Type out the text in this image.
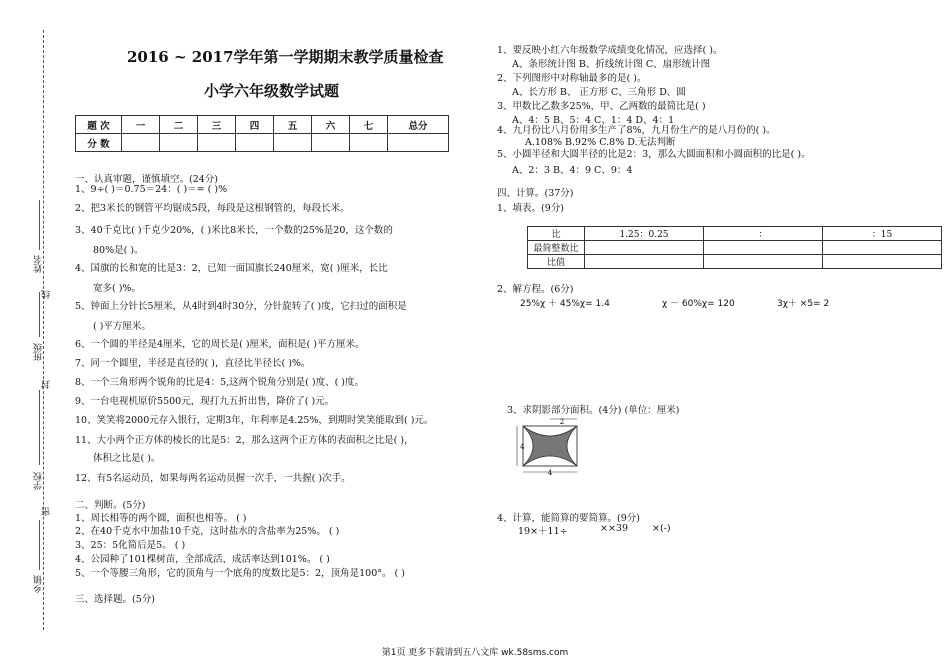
姓名
线
班级
封
学校
密
乡镇
2016 ~ 2017学年第一学期期末教学质量检查
小学六年级数学试题
题 次	一	二	三	四	五	六	七	总分
分 数								
一、认真审题，谨慎填空。(24分)
1、9÷( )＝0.75＝24：( )＝= ( )%
2、把3米长的钢管平均锯成5段，每段是这根钢管的，每段长米。
3、40千克比( )千克少20%，( )米比8米长，一个数的25%是20，这个数的
80%是( )。
4、国旗的长和宽的比是3：2，已知一面国旗长240厘米，宽( )厘米，长比
宽多( )%。
5、钟面上分针长5厘米，从4时到4时30分，分针旋转了( )度，它扫过的面积是
( )平方厘米。
6、一个圆的半径是4厘米，它的周长是( )厘米，面积是( )平方厘米。
7、同一个圆里，半径是直径的( )，直径比半径长( )%。
8、一个三角形两个锐角的比是4：5,这两个锐角分别是( )度、( )度。
9、一台电视机原价5500元，现打九五折出售，降价了( )元。
10、笑笑将2000元存入银行，定期3年，年利率是4.25%，到期时笑笑能取到( )元。
11、大小两个正方体的棱长的比是5：2，那么这两个正方体的表面积之比是( )，
体积之比是( )。
12、有5名运动员，如果每两名运动员握一次手，一共握( )次手。
二、判断。(5分)
1、周长相等的两个圆，面积也相等。 ( )
2、在40千克水中加盐10千克，这时盐水的含盐率为25%。 ( )
3、25：5化简后是5。 ( )
4、公园种了101棵树苗，全部成活，成活率达到101%。 ( )
5、一个等腰三角形，它的顶角与一个底角的度数比是5：2，顶角是100°。 ( )
三、选择题。(5分)
1、要反映小红六年级数学成绩变化情况，应选择( )。
A、条形统计图 B、折线统计图 C、扇形统计图
2、下列图形中对称轴最多的是( )。
A、长方形 B、 正方形 C、三角形 D、圆
3、甲数比乙数多25%，甲、乙两数的最简比是( )
A、4：5 B、5：4 C、1：4 D、4：1
4、九月份比八月份用多生产了8%，九月份生产的是八月份的( )。
A.108% B.92% C.8% D.无法判断
5、小圆半径和大圆半径的比是2：3，那么大圆面积和小圆面积的比是( )。
A、2：3 B、4：9 C、9：4
四、计算。(37分)
1、填表。(9分)
比	1.25：0.25	：	：15
最简整数比			
比值			
2、解方程。(6分)
25%χ ＋ 45%χ= 1.4	χ － 60%χ= 120	3χ＋ ×5= 2
3、求阴影部分面积。(4分) (单位：厘米)
2
4
4
4、计算，能简算的要简算。(9分)
19×＋11÷	××39	×(-)
第1页 更多下载请到五八文库 wk.58sms.com
